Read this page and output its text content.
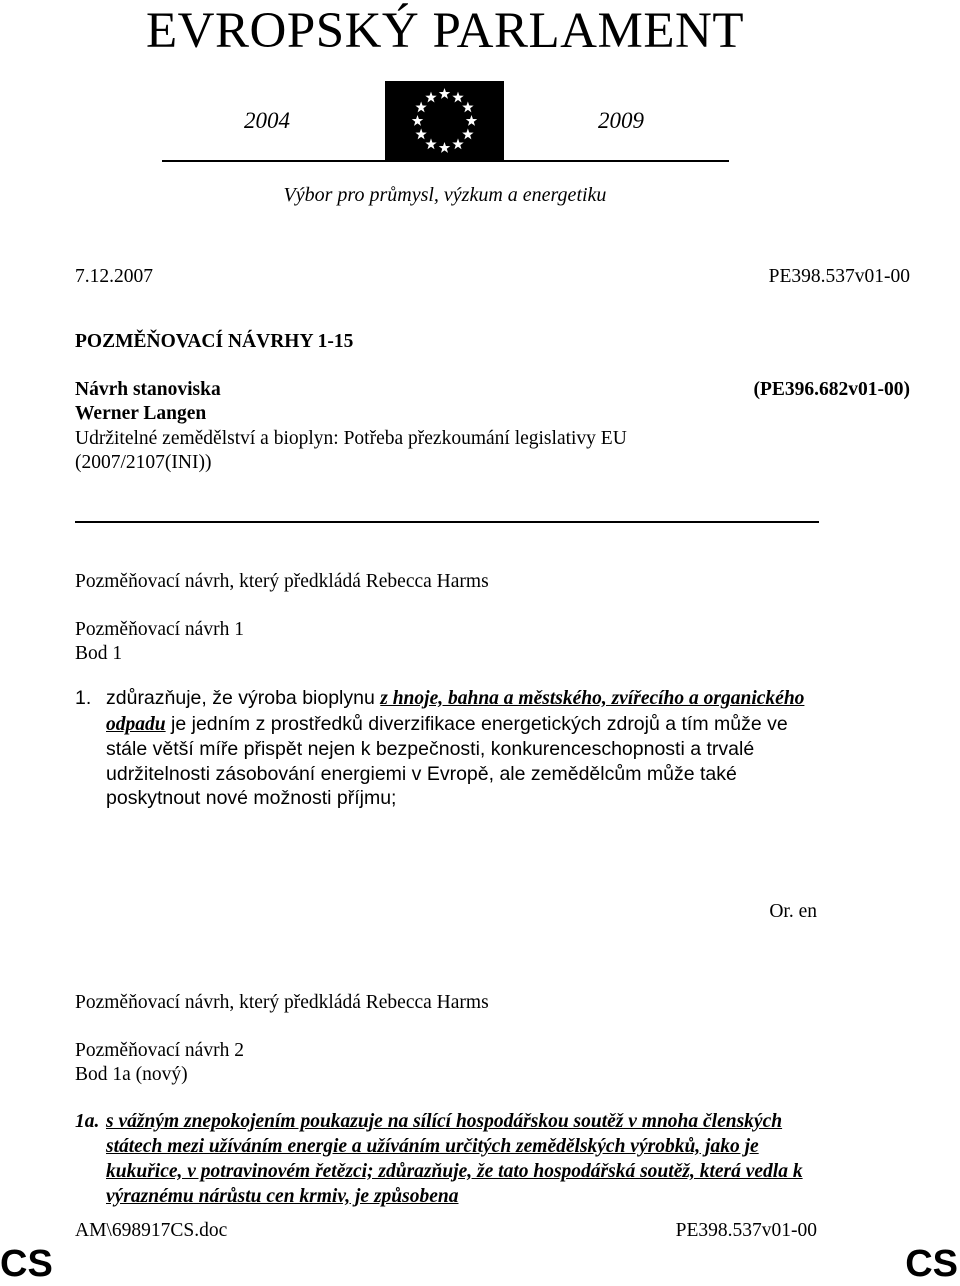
EVROPSKÝ PARLAMENT
2004	2009
Výbor pro průmysl, výzkum a energetiku
7.12.2007	PE398.537v01-00
POZMĚŇOVACÍ NÁVRHY 1-15
Návrh stanoviska	(PE396.682v01-00)
Werner Langen
Udržitelné zemědělství a bioplyn: Potřeba přezkoumání legislativy EU
(2007/2107(INI))
Pozměňovací návrh, který předkládá Rebecca Harms
Pozměňovací návrh 1
Bod 1
1. zdůrazňuje, že výroba bioplynu z hnoje, bahna a městského, zvířecího a organického odpadu je jedním z prostředků diverzifikace energetických zdrojů a tím může ve stále větší míře přispět nejen k bezpečnosti, konkurenceschopnosti a trvalé udržitelnosti zásobování energiemi v Evropě, ale zemědělcům může také poskytnout nové možnosti příjmu;
Or. en
Pozměňovací návrh, který předkládá Rebecca Harms
Pozměňovací návrh 2
Bod 1a (nový)
1a. s vážným znepokojením poukazuje na sílící hospodářskou soutěž v mnoha členských státech mezi užíváním energie a užíváním určitých zemědělských výrobků, jako je kukuřice, v potravinovém řetězci; zdůrazňuje, že tato hospodářská soutěž, která vedla k výraznému nárůstu cen krmiv, je způsobena
AM\698917CS.doc	PE398.537v01-00
CS	CS
